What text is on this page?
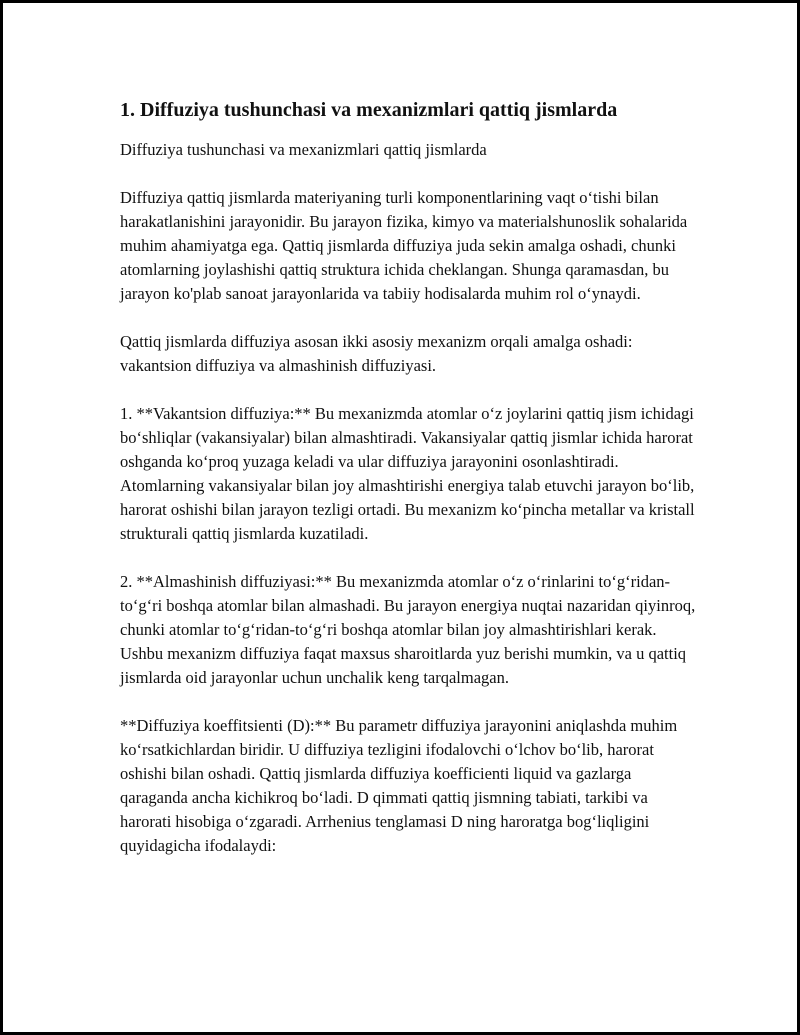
1. Diffuziya tushunchasi va mexanizmlari qattiq jismlarda
Diffuziya tushunchasi va mexanizmlari qattiq jismlarda

Diffuziya qattiq jismlarda materiyaning turli komponentlarining vaqt o‘tishi bilan harakatlanishini jarayonidir. Bu jarayon fizika, kimyo va materialshunoslik sohalarida muhim ahamiyatga ega. Qattiq jismlarda diffuziya juda sekin amalga oshadi, chunki atomlarning joylashishi qattiq struktura ichida cheklangan. Shunga qaramasdan, bu jarayon ko'plab sanoat jarayonlarida va tabiiy hodisalarda muhim rol o‘ynaydi.

Qattiq jismlarda diffuziya asosan ikki asosiy mexanizm orqali amalga oshadi: vakantsion diffuziya va almashinish diffuziyasi.

1. **Vakantsion diffuziya:** Bu mexanizmda atomlar o‘z joylarini qattiq jism ichidagi bo‘shliqlar (vakansiyalar) bilan almashtiradi. Vakansiyalar qattiq jismlar ichida harorat oshganda ko‘proq yuzaga keladi va ular diffuziya jarayonini osonlashtiradi. Atomlarning vakansiyalar bilan joy almashtirishi energiya talab etuvchi jarayon bo‘lib, harorat oshishi bilan jarayon tezligi ortadi. Bu mexanizm ko‘pincha metallar va kristall strukturali qattiq jismlarda kuzatiladi.

2. **Almashinish diffuziyasi:** Bu mexanizmda atomlar o‘z o‘rinlarini to‘g‘ridan-to‘g‘ri boshqa atomlar bilan almashadi. Bu jarayon energiya nuqtai nazaridan qiyinroq, chunki atomlar to‘g‘ridan-to‘g‘ri boshqa atomlar bilan joy almashtirishlari kerak. Ushbu mexanizm diffuziya faqat maxsus sharoitlarda yuz berishi mumkin, va u qattiq jismlarda oid jarayonlar uchun unchalik keng tarqalmagan.

**Diffuziya koeffitsienti (D):** Bu parametr diffuziya jarayonini aniqlashda muhim ko‘rsatkichlardan biridir. U diffuziya tezligini ifodalovchi o‘lchov bo‘lib, harorat oshishi bilan oshadi. Qattiq jismlarda diffuziya koefficienti liquid va gazlarga qaraganda ancha kichikroq bo‘ladi. D qimmati qattiq jismning tabiati, tarkibi va harorati hisobiga o‘zgaradi. Arrhenius tenglamasi D ning haroratga bog‘liqligini quyidagicha ifodalaydi:
